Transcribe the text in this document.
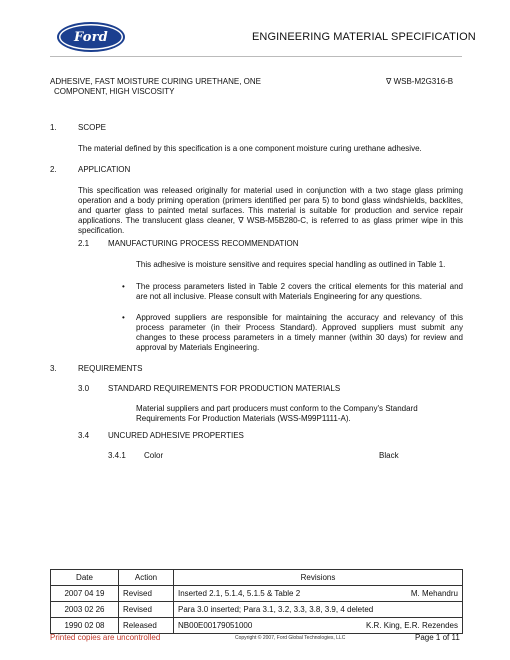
Ford	ENGINEERING MATERIAL SPECIFICATION
ADHESIVE, FAST MOISTURE CURING URETHANE, ONE
COMPONENT, HIGH VISCOSITY
∇ WSB-M2G316-B
1.	SCOPE
The material defined by this specification is a one component moisture curing urethane adhesive.
2.	APPLICATION
This specification was released originally for material used in conjunction with a two stage glass priming operation and a body priming operation (primers identified per para 5) to bond glass windshields, backlites, and quarter glass to painted metal surfaces. This material is suitable for production and service repair applications. The translucent glass cleaner, ∇ WSB-M5B280-C, is referred to as glass primer wipe in this specification.
2.1	MANUFACTURING PROCESS RECOMMENDATION
This adhesive is moisture sensitive and requires special handling as outlined in Table 1.
• The process parameters listed in Table 2 covers the critical elements for this material and are not all inclusive. Please consult with Materials Engineering for any questions.
• Approved suppliers are responsible for maintaining the accuracy and relevancy of this process parameter (in their Process Standard). Approved suppliers must submit any changes to these process parameters in a timely manner (within 30 days) for review and approval by Materials Engineering.
3.	REQUIREMENTS
3.0	STANDARD REQUIREMENTS FOR PRODUCTION MATERIALS
Material suppliers and part producers must conform to the Company's Standard Requirements For Production Materials (WSS-M99P1111-A).
3.4	UNCURED ADHESIVE PROPERTIES
3.4.1 Color	Black
Date	Action	Revisions
2007 04 19	Revised	Inserted 2.1, 5.1.4, 5.1.5 & Table 2 M. Mehandru

2003 02 26	Revised	Para 3.0 inserted; Para 3.1, 3.2, 3.3, 3.8, 3.9, 4 deleted

1990 02 08	Released	NB00E00179051000 K.R. King, E.R. Rezendes
Printed copies are uncontrolled	Copyright © 2007, Ford Global Technologies, LLC	Page 1 of 11
